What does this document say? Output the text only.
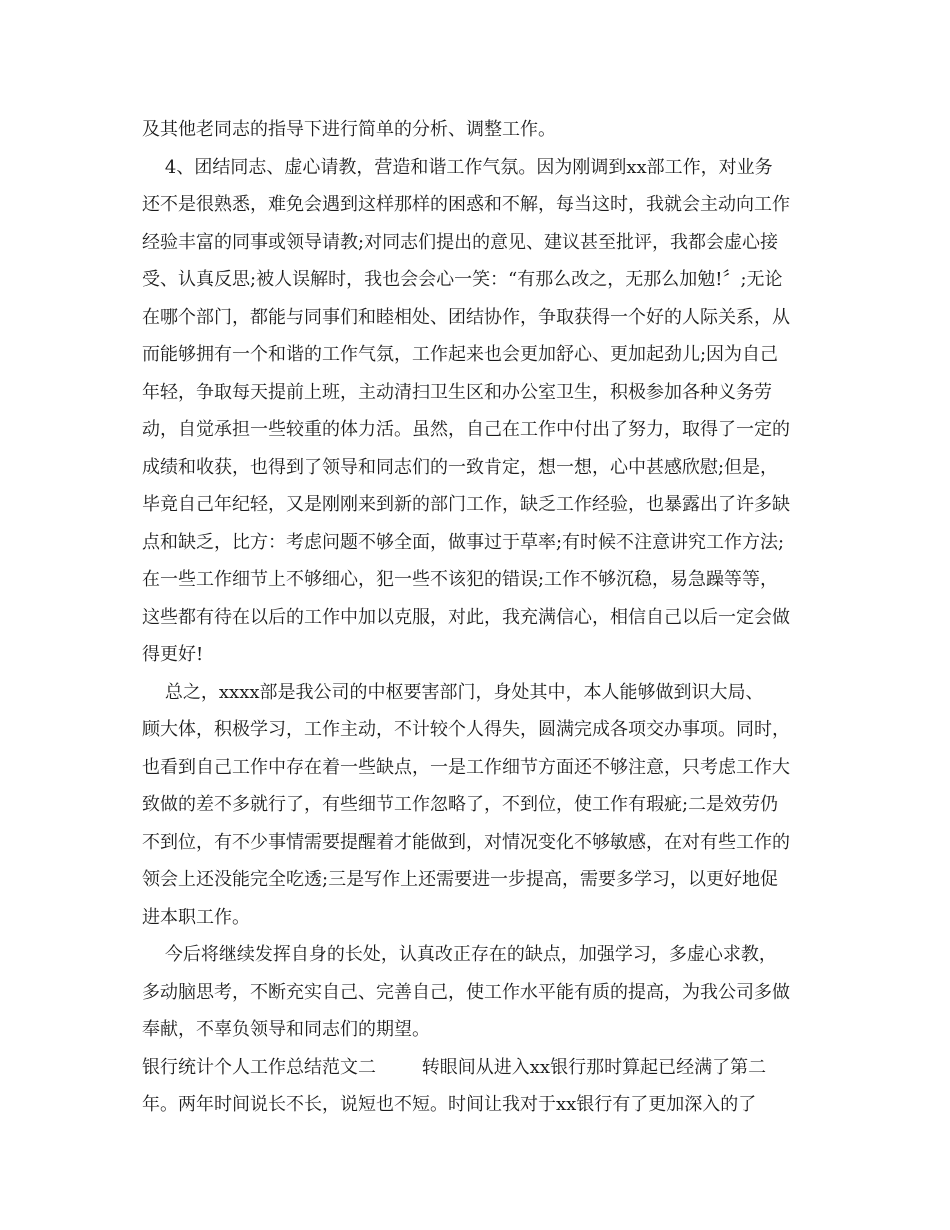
及其他老同志的指导下进行简单的分析、调整工作。

4、团结同志、虚心请教，营造和谐工作气氛。因为刚调到xx部工作，对业务

还不是很熟悉，难免会遇到这样那样的困惑和不解，每当这时，我就会主动向工作

经验丰富的同事或领导请教;对同志们提出的意见、建议甚至批评，我都会虚心接

受、认真反思;被人误解时，我也会会心一笑：“有那么改之，无那么加勉!〞;无论

在哪个部门，都能与同事们和睦相处、团结协作，争取获得一个好的人际关系，从

而能够拥有一个和谐的工作气氛，工作起来也会更加舒心、更加起劲儿;因为自己

年轻，争取每天提前上班，主动清扫卫生区和办公室卫生，积极参加各种义务劳

动，自觉承担一些较重的体力活。虽然，自己在工作中付出了努力，取得了一定的

成绩和收获，也得到了领导和同志们的一致肯定，想一想，心中甚感欣慰;但是，

毕竟自己年纪轻，又是刚刚来到新的部门工作，缺乏工作经验，也暴露出了许多缺

点和缺乏，比方：考虑问题不够全面，做事过于草率;有时候不注意讲究工作方法;

在一些工作细节上不够细心，犯一些不该犯的错误;工作不够沉稳，易急躁等等，

这些都有待在以后的工作中加以克服，对此，我充满信心，相信自己以后一定会做

得更好!

总之，xxxx部是我公司的中枢要害部门，身处其中，本人能够做到识大局、

顾大体，积极学习，工作主动，不计较个人得失，圆满完成各项交办事项。同时，

也看到自己工作中存在着一些缺点，一是工作细节方面还不够注意，只考虑工作大

致做的差不多就行了，有些细节工作忽略了，不到位，使工作有瑕疵;二是效劳仍

不到位，有不少事情需要提醒着才能做到，对情况变化不够敏感，在对有些工作的

领会上还没能完全吃透;三是写作上还需要进一步提高，需要多学习，以更好地促

进本职工作。

今后将继续发挥自身的长处，认真改正存在的缺点，加强学习，多虚心求教，

多动脑思考，不断充实自己、完善自己，使工作水平能有质的提高，为我公司多做

奉献，不辜负领导和同志们的期望。

银行统计个人工作总结范文二        转眼间从进入xx银行那时算起已经满了第二

年。两年时间说长不长，说短也不短。时间让我对于xx银行有了更加深入的了
